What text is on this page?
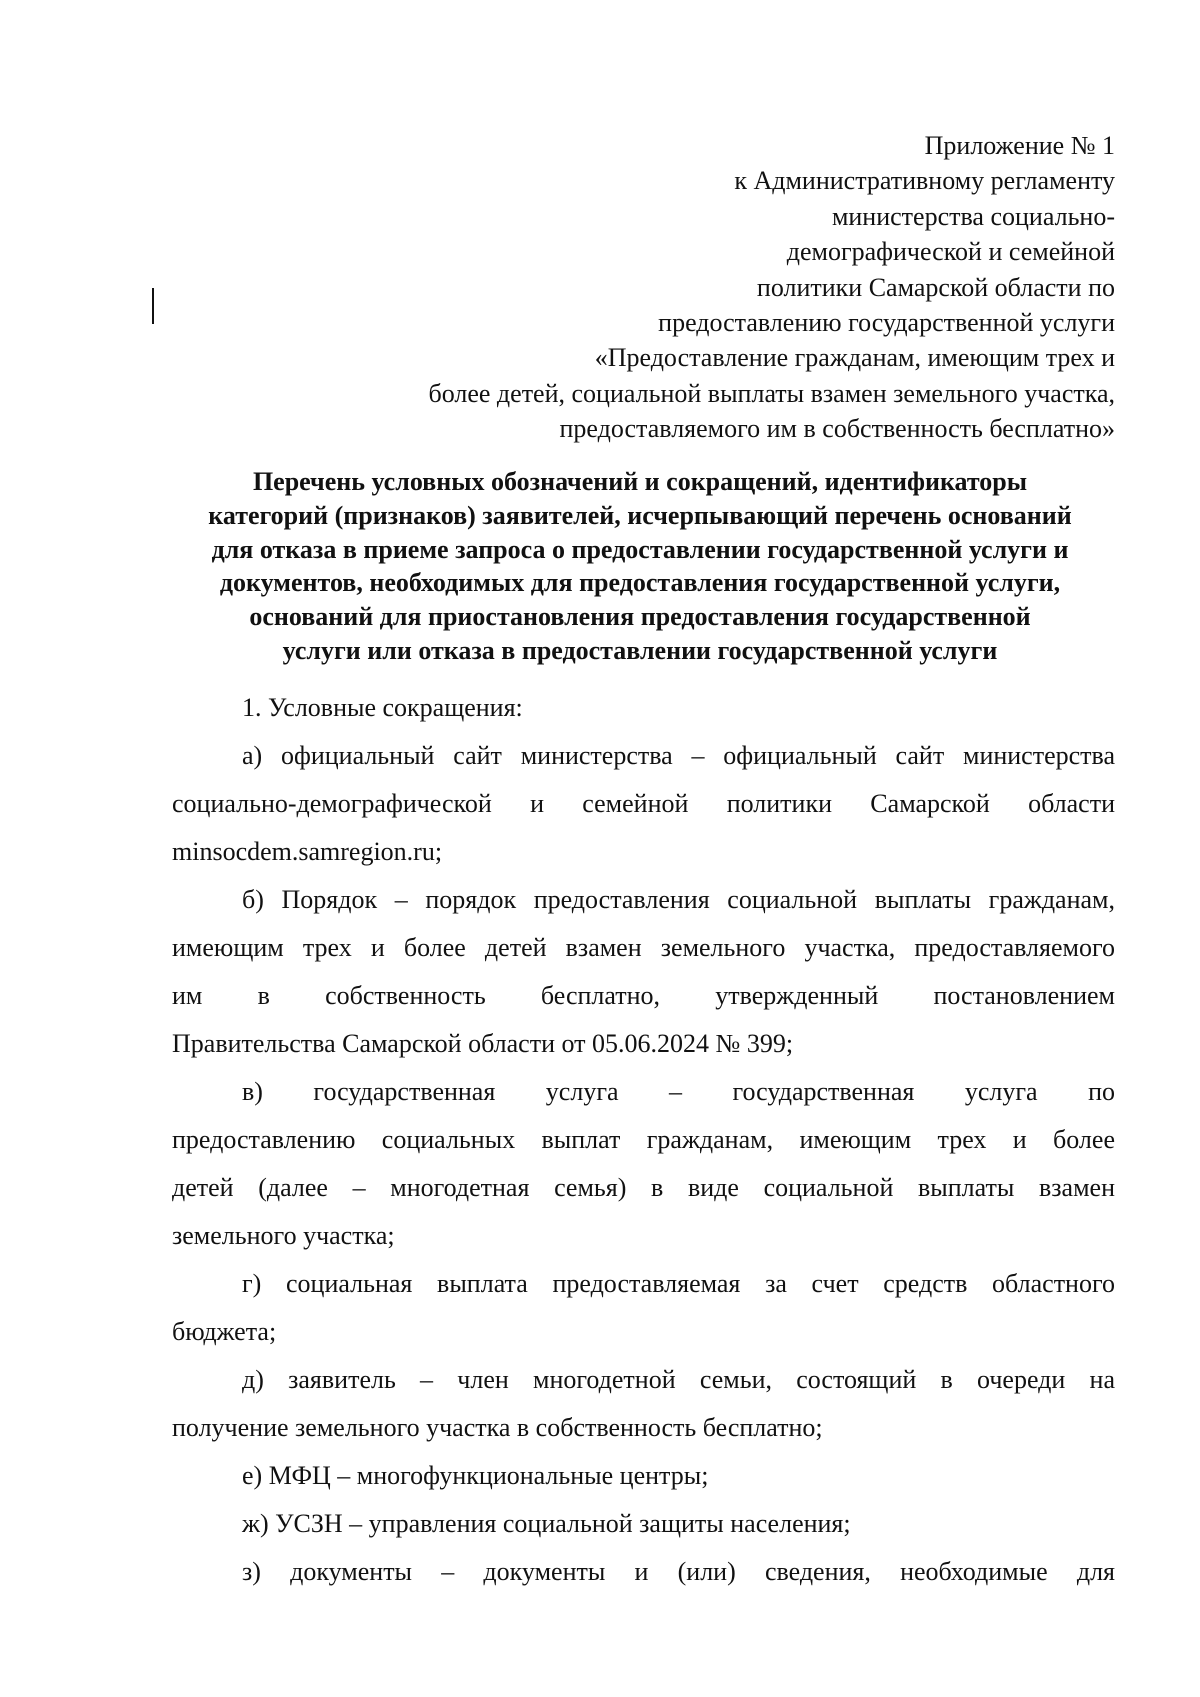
Приложение № 1
к Административному регламенту
министерства социально-
демографической и семейной
политики Самарской области по
предоставлению государственной услуги
«Предоставление гражданам, имеющим трех и
более детей, социальной выплаты взамен земельного участка,
предоставляемого им в собственность бесплатно»
Перечень условных обозначений и сокращений, идентификаторы
категорий (признаков) заявителей, исчерпывающий перечень оснований
для отказа в приеме запроса о предоставлении государственной услуги и
документов, необходимых для предоставления государственной услуги,
оснований для приостановления предоставления государственной
услуги или отказа в предоставлении государственной услуги
1. Условные сокращения:
а) официальный сайт министерства – официальный сайт министерства
социально-демографической и семейной политики Самарской области
minsocdem.samregion.ru;
б) Порядок – порядок предоставления социальной выплаты гражданам,
имеющим трех и более детей взамен земельного участка, предоставляемого
им в собственность бесплатно, утвержденный постановлением
Правительства Самарской области от 05.06.2024 № 399;
в) государственная услуга – государственная услуга по
предоставлению социальных выплат гражданам, имеющим трех и более
детей (далее – многодетная семья) в виде социальной выплаты взамен
земельного участка;
г) социальная выплата предоставляемая за счет средств областного
бюджета;
д) заявитель – член многодетной семьи, состоящий в очереди на
получение земельного участка в собственность бесплатно;
е) МФЦ – многофункциональные центры;
ж) УСЗН – управления социальной защиты населения;
з) документы – документы и (или) сведения, необходимые для
